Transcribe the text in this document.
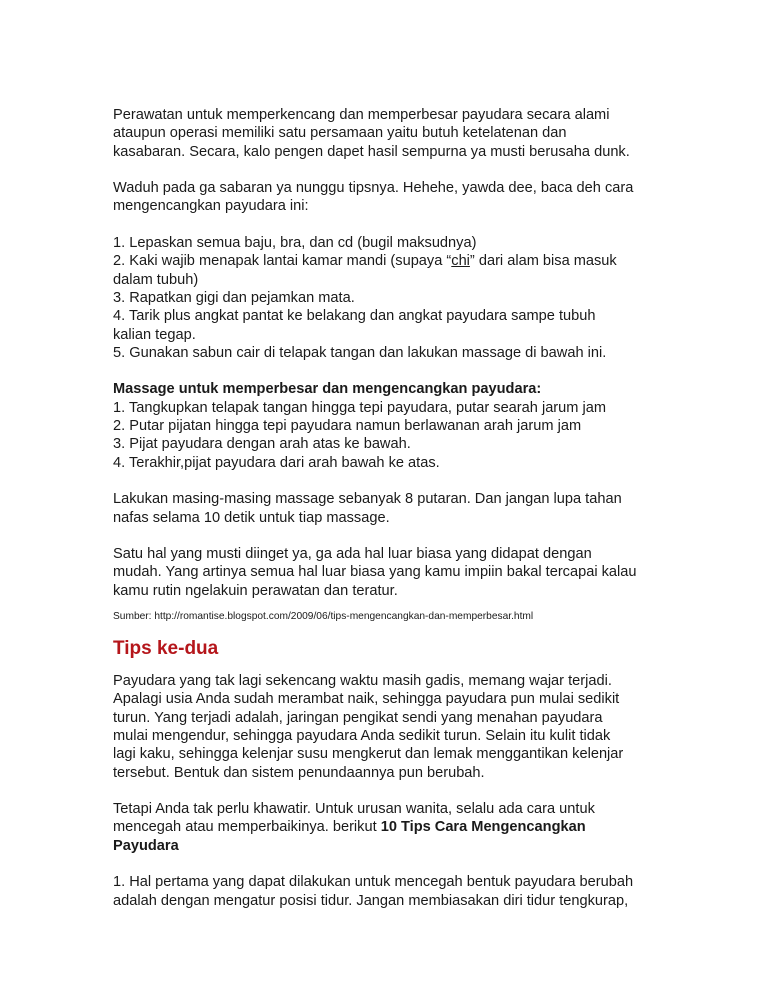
Perawatan untuk memperkencang dan memperbesar payudara secara alami

ataupun operasi memiliki satu persamaan yaitu butuh ketelatenan dan

kasabaran. Secara, kalo pengen dapet hasil sempurna ya musti berusaha dunk.

Waduh pada ga sabaran ya nunggu tipsnya. Hehehe, yawda dee, baca deh cara

mengencangkan payudara ini:

1. Lepaskan semua baju, bra, dan cd (bugil maksudnya)

2. Kaki wajib menapak lantai kamar mandi (supaya “chi” dari alam bisa masuk

dalam tubuh)

3. Rapatkan gigi dan pejamkan mata.

4. Tarik plus angkat pantat ke belakang dan angkat payudara sampe tubuh

kalian tegap.

5. Gunakan sabun cair di telapak tangan dan lakukan massage di bawah ini.

Massage untuk memperbesar dan mengencangkan payudara:

1. Tangkupkan telapak tangan hingga tepi payudara, putar searah jarum jam

2. Putar pijatan hingga tepi payudara namun berlawanan arah jarum jam

3. Pijat payudara dengan arah atas ke bawah.

4. Terakhir,pijat payudara dari arah bawah ke atas.

Lakukan masing-masing massage sebanyak 8 putaran. Dan jangan lupa tahan

nafas selama 10 detik untuk tiap massage.

Satu hal yang musti diinget ya, ga ada hal luar biasa yang didapat dengan

mudah. Yang artinya semua hal luar biasa yang kamu impiin bakal tercapai kalau

kamu rutin ngelakuin perawatan dan teratur.

Sumber: http://romantise.blogspot.com/2009/06/tips-mengencangkan-dan-memperbesar.html

Tips ke-dua

Payudara yang tak lagi sekencang waktu masih gadis, memang wajar terjadi.

Apalagi usia Anda sudah merambat naik, sehingga payudara pun mulai sedikit

turun. Yang terjadi adalah, jaringan pengikat sendi yang menahan payudara

mulai mengendur, sehingga payudara Anda sedikit turun. Selain itu kulit tidak

lagi kaku, sehingga kelenjar susu mengkerut dan lemak menggantikan kelenjar

tersebut. Bentuk dan sistem penundaannya pun berubah.

Tetapi Anda tak perlu khawatir. Untuk urusan wanita, selalu ada cara untuk

mencegah atau memperbaikinya. berikut 10 Tips Cara Mengencangkan

Payudara

1. Hal pertama yang dapat dilakukan untuk mencegah bentuk payudara berubah

adalah dengan mengatur posisi tidur. Jangan membiasakan diri tidur tengkurap,
